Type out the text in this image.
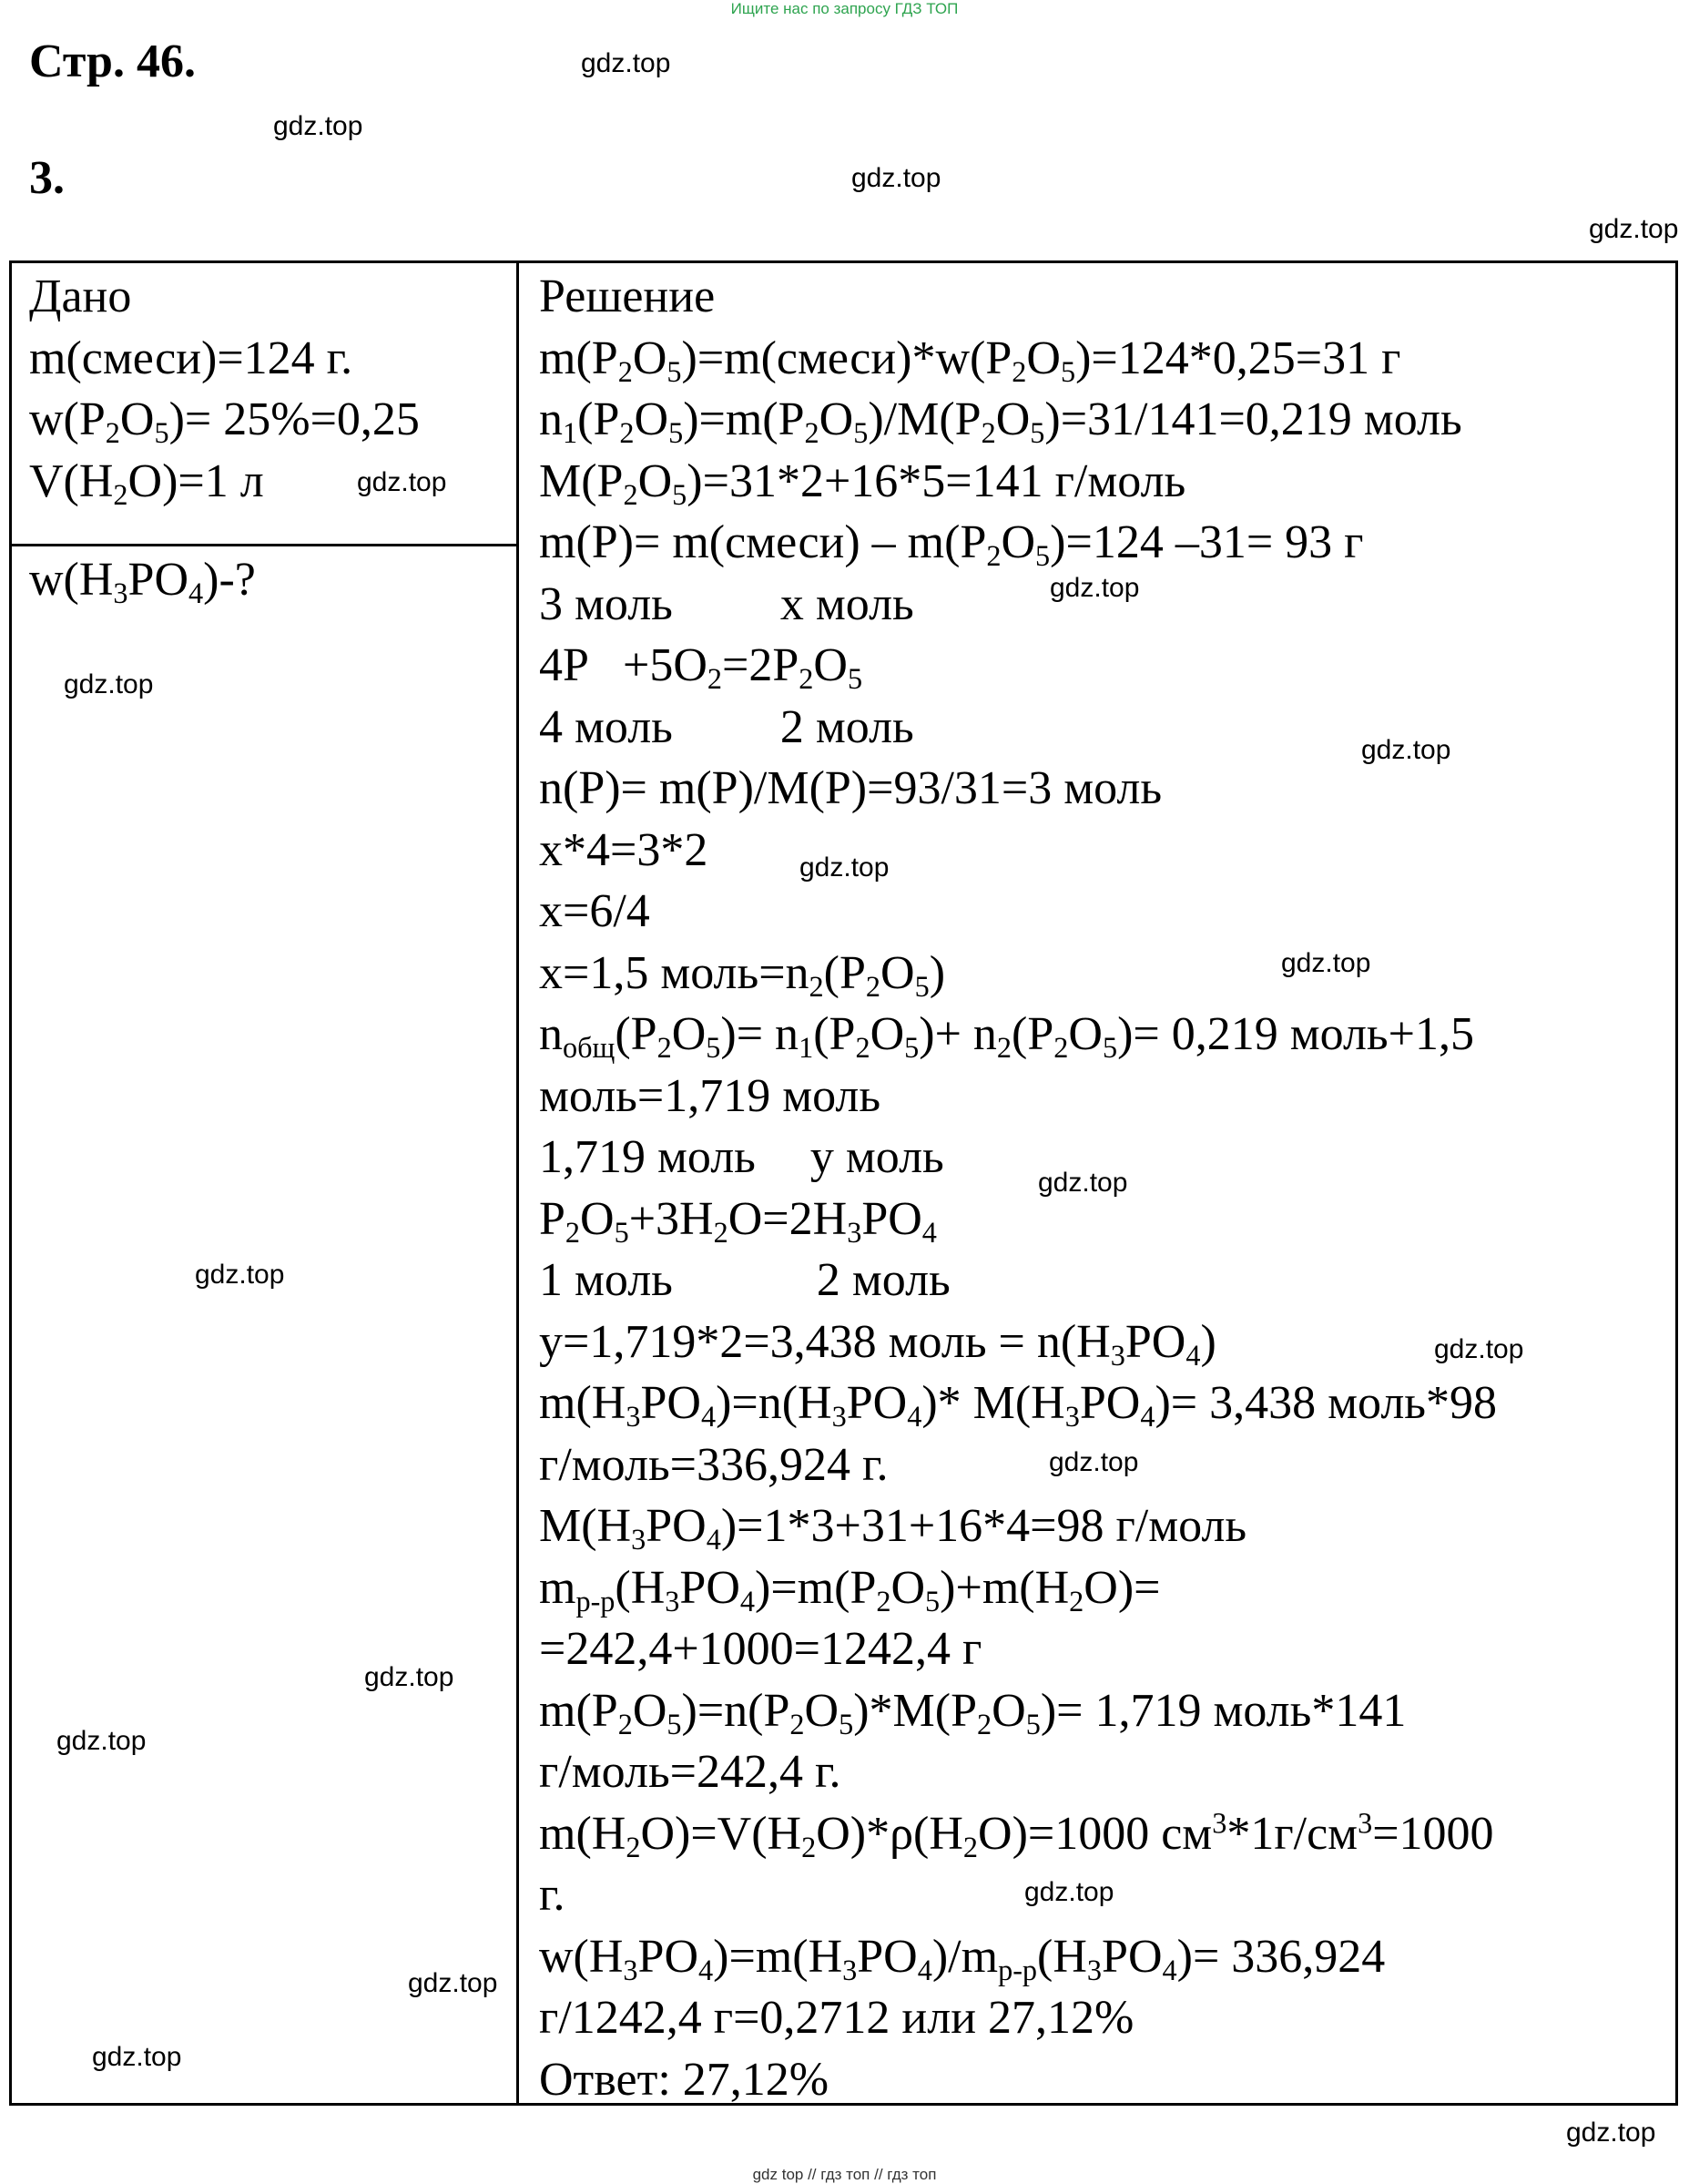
Ищите нас по запросу ГДЗ ТОП
Стр. 46.
3.
gdz.top
gdz.top
gdz.top
gdz.top
gdz.top
gdz.top
gdz.top
gdz.top
gdz.top
gdz.top
gdz.top
gdz.top
gdz.top
gdz.top
gdz.top
gdz.top
gdz.top
gdz.top
gdz.top
gdz.top
Дано
m(смеси)=124 г.
$w(P_2O_5)= 25\%=0,25$
$V(H_2O)=1$ л
$w(H_3PO_4)-$?
Решение
$m(P_2O_5)=m(смеси)*w(P_2O_5)=124*0,25=31$ г
$n_1(P_2O_5)=m(P_2O_5)/M(P_2O_5)=31/141=0,219$ моль
$M(P_2O_5)=31*2+16*5=141$ г/моль
m(P)= m(смеси) – $m(P_2O_5)=124$ –31= 93 г
3 моль x моль
$4P +5O_2=2P_2O_5$
4 моль 2 моль
n(P)= m(P)/M(P)=93/31=3 моль
x*4=3*2
x=6/4
x=1,5 $моль=n_2(P_2O_5)$
$n_{общ}(P_2O_5)= n_1(P_2O_5)+ n_2(P_2O_5)= 0,219$ моль+1,5
моль=1,719 моль
1,719 моль y моль
$P_2O_5+3H_2O=2H_3PO_4$
1 моль	2 моль
y=1,719*2=3,438 моль = $n(H_3PO_4)$
$m(H_3PO_4)=n(H_3PO_4)*$ $M(H_3PO_4)= 3,438$ моль*98
г/моль=336,924 г.
$M(H_3PO_4)=1*3+31+16*4=98$ г/моль
$m_{р-р}(H_3PO_4)=m(P_2O_5)+m(H_2O)=$
=242,4+1000=1242,4 г
$m(P_2O_5)=n(P_2O_5)*M(P_2O_5)= 1,719$ моль*141
г/моль=242,4 г.
$m(H_2O)=V(H_2O)*\rho(H_2O)=1000$ $см^3*1г/см^3=1000$
г.
$w(H_3PO_4)=m(H_3PO_4)/m_{р-р}(H_3PO_4)= 336,924$
г/1242,4 г=0,2712 или 27,12%
Ответ: 27,12%
gdz top // гдз топ // гдз топ
